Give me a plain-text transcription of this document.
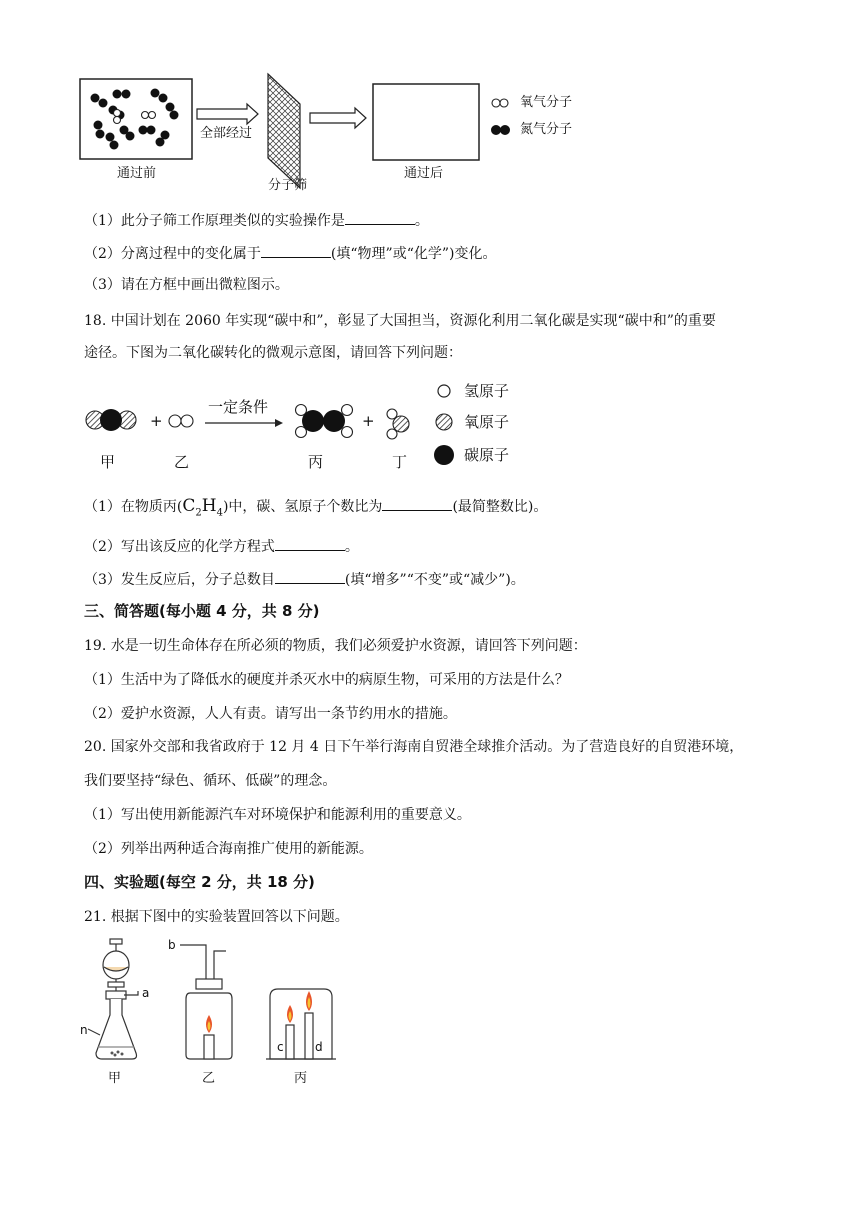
通过前
全部经过
分子筛
通过后
氧气分子
氮气分子
（1）此分子筛工作原理类似的实验操作是	。
（2）分离过程中的变化属于	(填“物理”或“化学”)变化。
（3）请在方框中画出微粒图示。
18. 中国计划在 2060 年实现“碳中和”，彰显了大国担当，资源化利用二氧化碳是实现“碳中和”的重要
途径。下图为二氧化碳转化的微观示意图，请回答下列问题：
+	+
一定条件
甲	乙	丙	丁
氢原子
氧原子
碳原子
（1）在物质丙$(C_2H_4)$中，碳、氢原子个数比为	(最简整数比)。
（2）写出该反应的化学方程式	。
（3）发生反应后，分子总数目	(填“增多”“不变”或“减少”)。
三、简答题(每小题 4 分，共 8 分)
19. 水是一切生命体存在所必须的物质，我们必须爱护水资源，请回答下列问题：
（1）生活中为了降低水的硬度并杀灭水中的病原生物，可采用的方法是什么？
（2）爱护水资源，人人有责。请写出一条节约用水的措施。
20. 国家外交部和我省政府于 12 月 4 日下午举行海南自贸港全球推介活动。为了营造良好的自贸港环境，
我们要坚持“绿色、循环、低碳”的理念。
（1）写出使用新能源汽车对环境保护和能源利用的重要意义。
（2）列举出两种适合海南推广使用的新能源。
四、实验题(每空 2 分，共 18 分)
21. 根据下图中的实验装置回答以下问题。
a
n
b
c	d
甲	乙	丙
